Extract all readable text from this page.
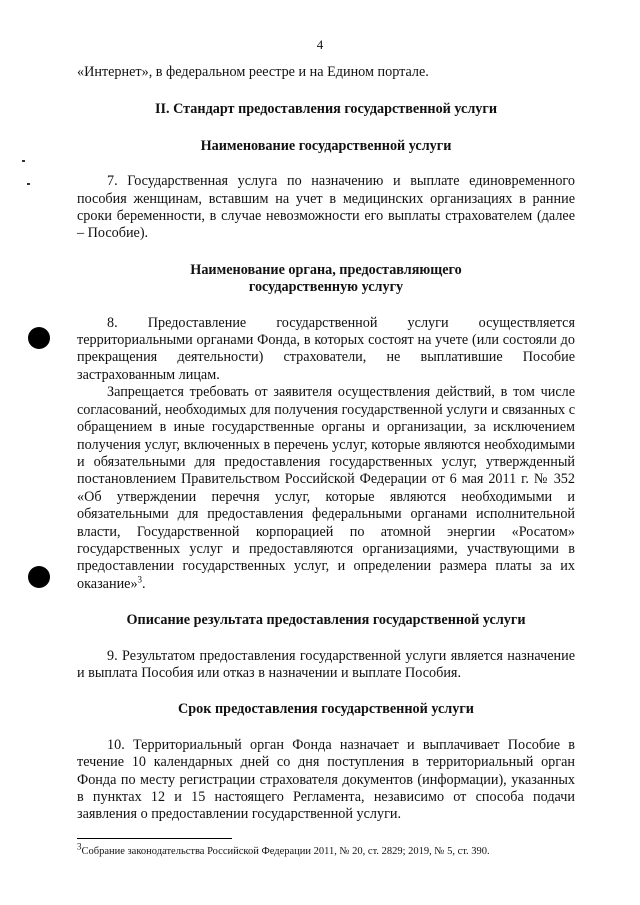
4

«Интернет», в федеральном реестре и на Едином портале.

II. Стандарт предоставления государственной услуги
Наименование государственной услуги

7. Государственная услуга по назначению и выплате единовременного пособия женщинам, вставшим на учет в медицинских организациях в ранние сроки беременности, в случае невозможности его выплаты страхователем (далее – Пособие).

Наименование органа, предоставляющего государственную услугу

8. Предоставление государственной услуги осуществляется территориальными органами Фонда, в которых состоят на учете (или состояли до прекращения деятельности) страхователи, не выплатившие Пособие застрахованным лицам.

Запрещается требовать от заявителя осуществления действий, в том числе согласований, необходимых для получения государственной услуги и связанных с обращением в иные государственные органы и организации, за исключением получения услуг, включенных в перечень услуг, которые являются необходимыми и обязательными для предоставления государственных услуг, утвержденный постановлением Правительством Российской Федерации от 6 мая 2011 г. № 352 «Об утверждении перечня услуг, которые являются необходимыми и обязательными для предоставления федеральными органами исполнительной власти, Государственной корпорацией по атомной энергии «Росатом» государственных услуг и предоставляются организациями, участвующими в предоставлении государственных услуг, и определении размера платы за их оказание»$^3$.

Описание результата предоставления государственной услуги

9. Результатом предоставления государственной услуги является назначение и выплата Пособия или отказ в назначении и выплате Пособия.

Срок предоставления государственной услуги

10. Территориальный орган Фонда назначает и выплачивает Пособие в течение 10 календарных дней со дня поступления в территориальный орган Фонда по месту регистрации страхователя документов (информации), указанных в пунктах 12 и 15 настоящего Регламента, независимо от способа подачи заявления о предоставлении государственной услуги.

$^3$Собрание законодательства Российской Федерации 2011, № 20, ст. 2829; 2019, № 5, ст. 390.
